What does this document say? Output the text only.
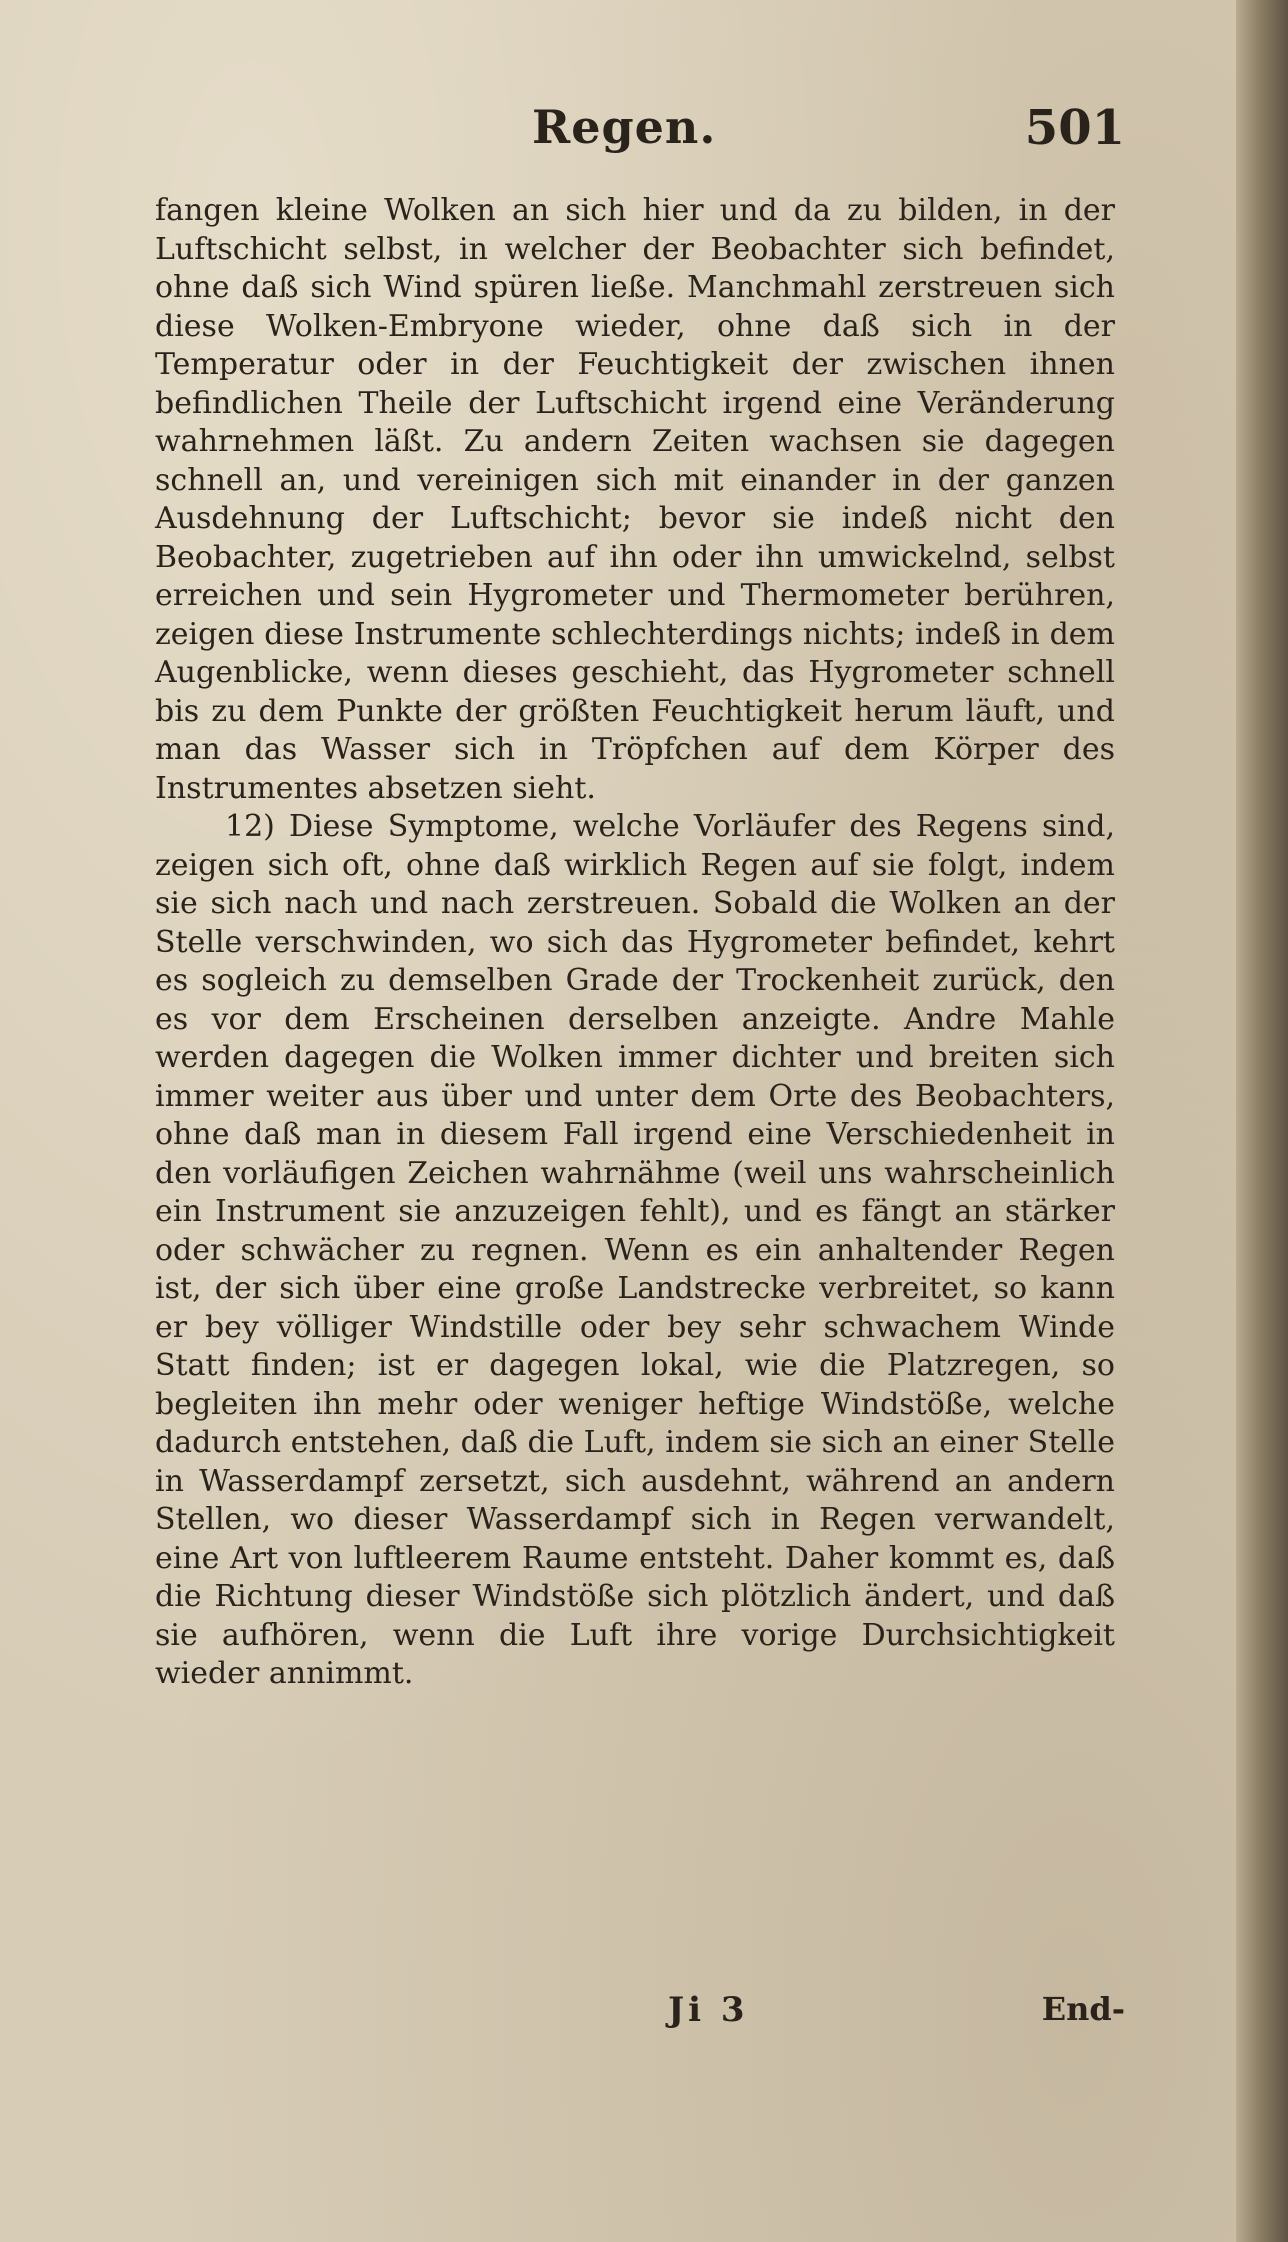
Regen.	501

fangen kleine Wolken an sich hier und da zu bilden, in der Luftschicht selbst, in welcher der Beobachter sich befindet, ohne daß sich Wind spüren ließe. Manchmahl zerstreuen sich diese Wolken-Embryone wieder, ohne daß sich in der Temperatur oder in der Feuchtigkeit der zwischen ihnen befindlichen Theile der Luftschicht irgend eine Veränderung wahrnehmen läßt. Zu andern Zeiten wachsen sie dagegen schnell an, und vereinigen sich mit einander in der ganzen Ausdehnung der Luftschicht; bevor sie indeß nicht den Beobachter, zugetrieben auf ihn oder ihn umwickelnd, selbst erreichen und sein Hygrometer und Thermometer berühren, zeigen diese Instrumente schlechterdings nichts; indeß in dem Augenblicke, wenn dieses geschieht, das Hygrometer schnell bis zu dem Punkte der größten Feuchtigkeit herum läuft, und man das Wasser sich in Tröpfchen auf dem Körper des Instrumentes absetzen sieht.

12) Diese Symptome, welche Vorläufer des Regens sind, zeigen sich oft, ohne daß wirklich Regen auf sie folgt, indem sie sich nach und nach zerstreuen. Sobald die Wolken an der Stelle verschwinden, wo sich das Hygrometer befindet, kehrt es sogleich zu demselben Grade der Trockenheit zurück, den es vor dem Erscheinen derselben anzeigte. Andre Mahle werden dagegen die Wolken immer dichter und breiten sich immer weiter aus über und unter dem Orte des Beobachters, ohne daß man in diesem Fall irgend eine Verschiedenheit in den vorläufigen Zeichen wahrnähme (weil uns wahrscheinlich ein Instrument sie anzuzeigen fehlt), und es fängt an stärker oder schwächer zu regnen. Wenn es ein anhaltender Regen ist, der sich über eine große Landstrecke verbreitet, so kann er bey völliger Windstille oder bey sehr schwachem Winde Statt finden; ist er dagegen lokal, wie die Platzregen, so begleiten ihn mehr oder weniger heftige Windstöße, welche dadurch entstehen, daß die Luft, indem sie sich an einer Stelle in Wasserdampf zersetzt, sich ausdehnt, während an andern Stellen, wo dieser Wasserdampf sich in Regen verwandelt, eine Art von luftleerem Raume entsteht. Daher kommt es, daß die Richtung dieser Windstöße sich plötzlich ändert, und daß sie aufhören, wenn die Luft ihre vorige Durchsichtigkeit wieder annimmt.

Ji 3	End-
